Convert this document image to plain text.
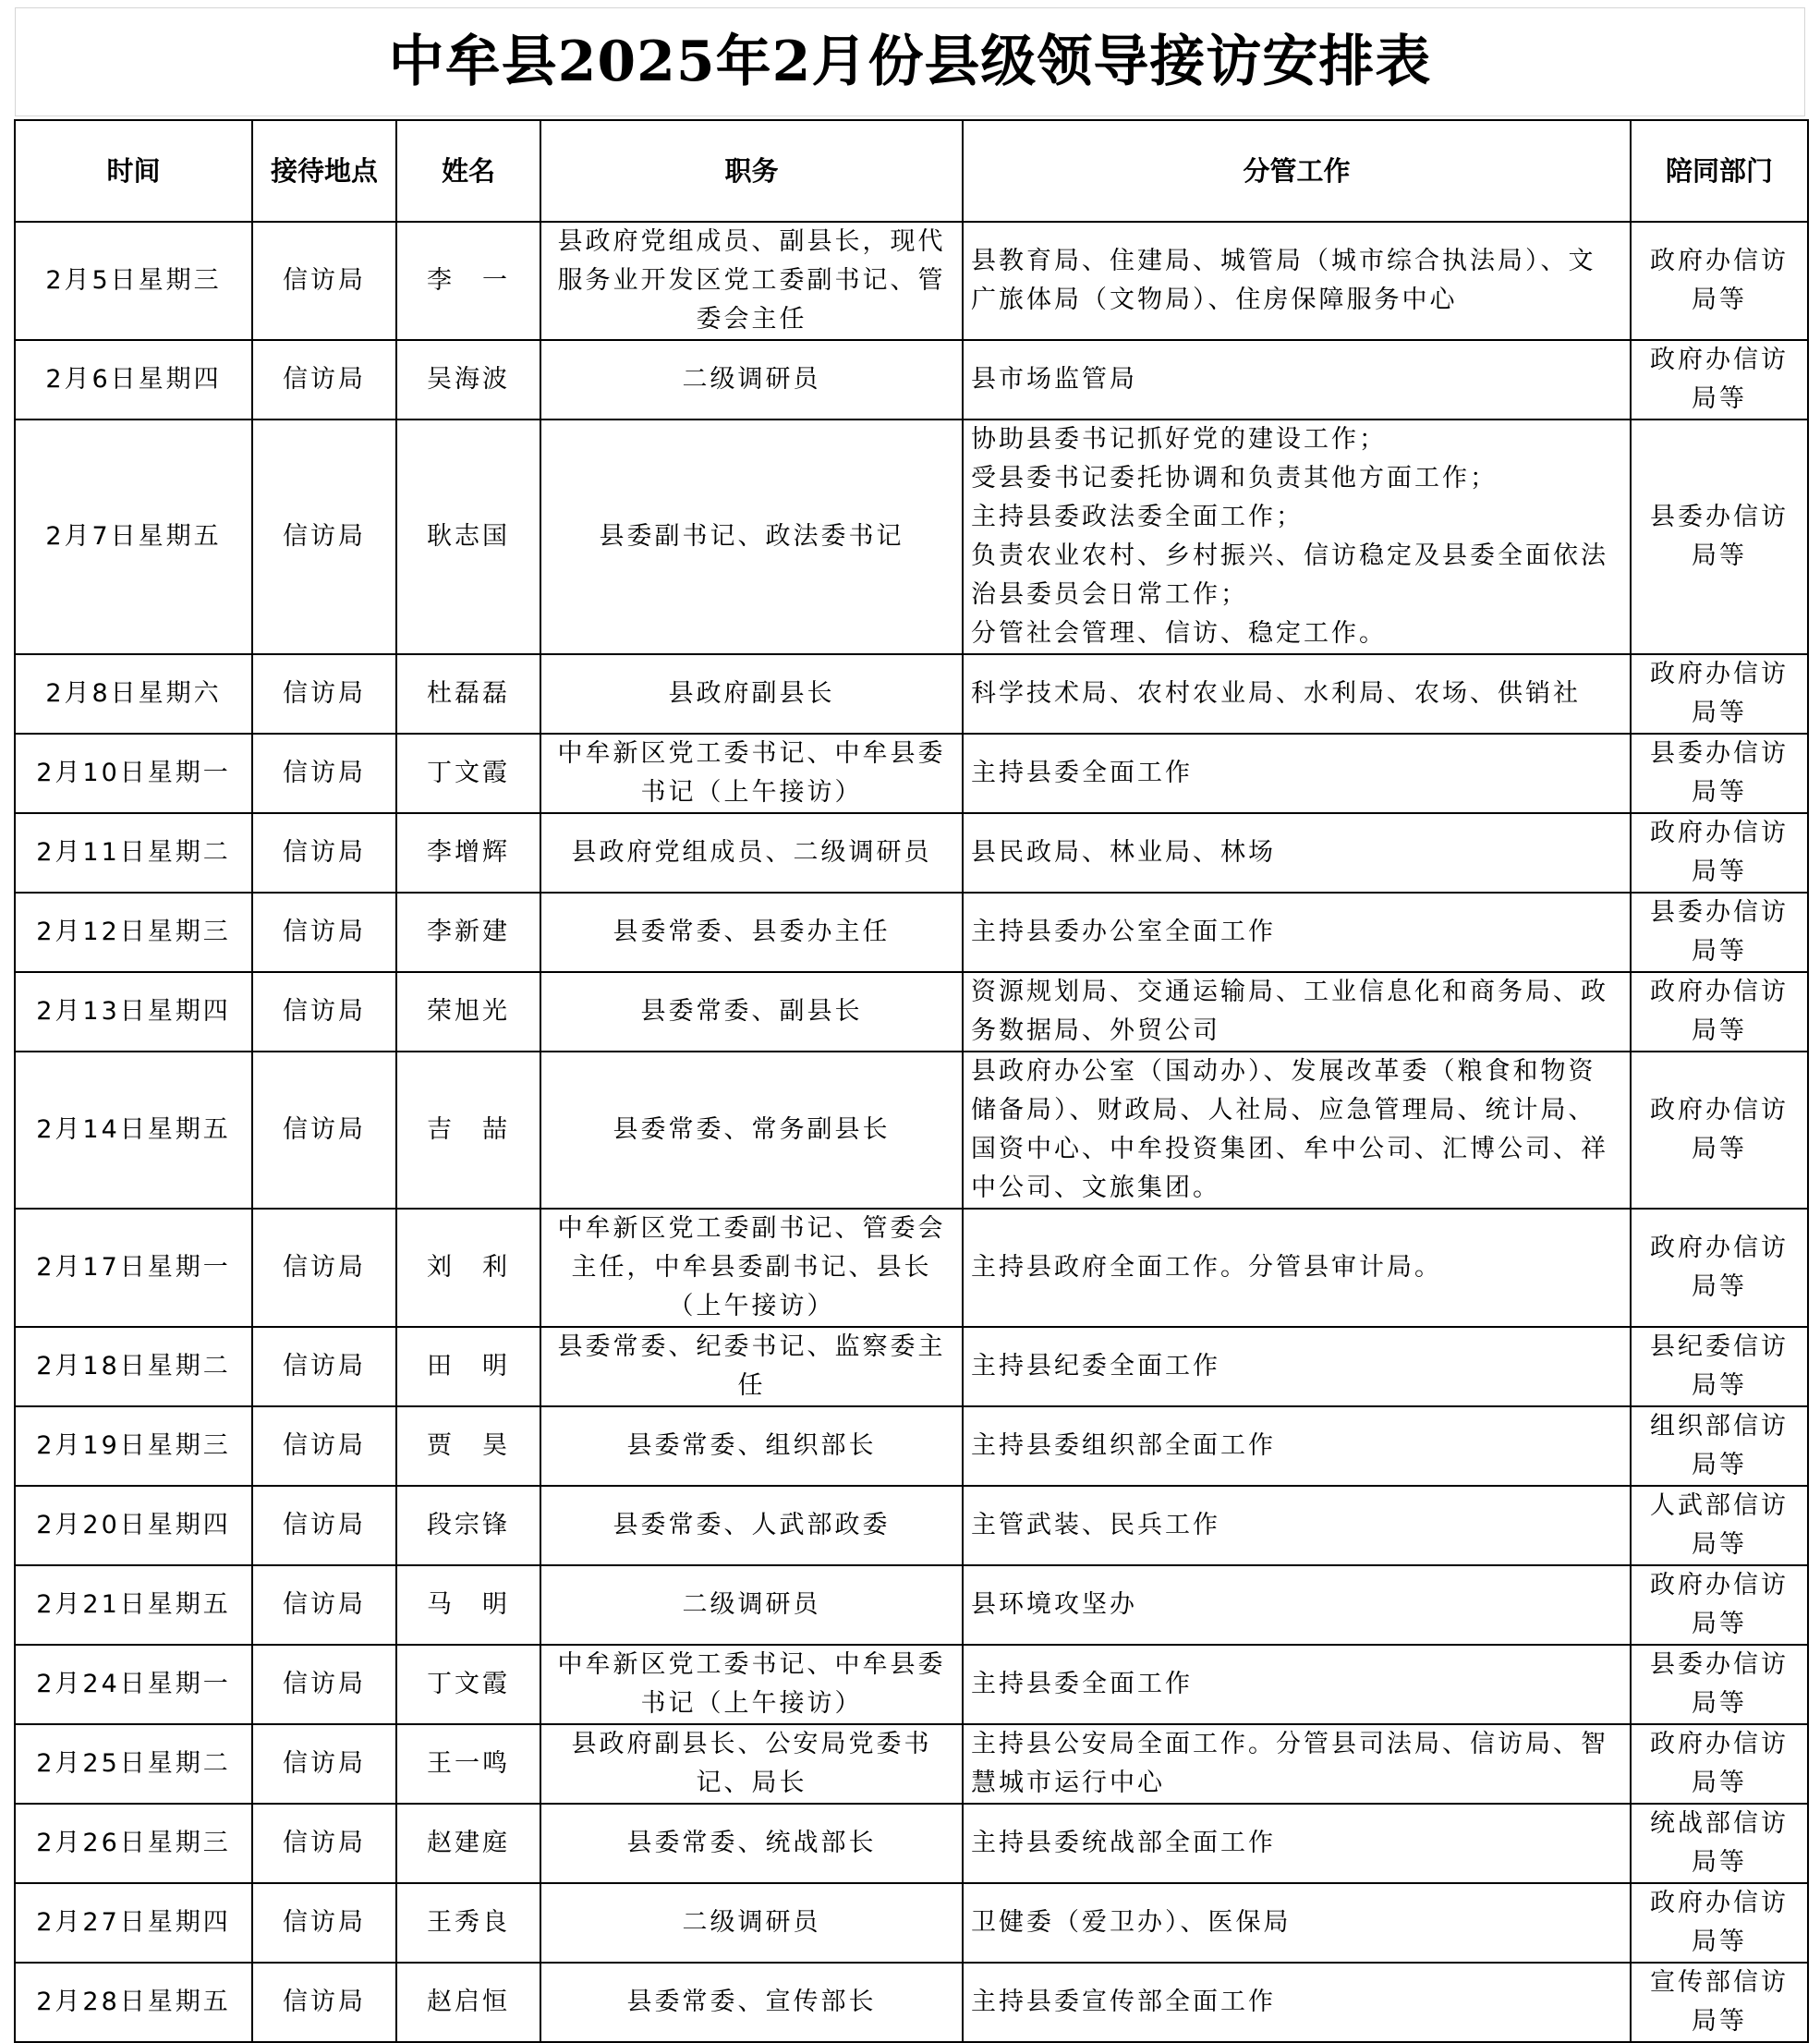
中牟县2025年2月份县级领导接访安排表
时间	接待地点	姓名	职务	分管工作	陪同部门

2月5日星期三	信访局	李　一	县政府党组成员、副县长，现代服务业开发区党工委副书记、管委会主任	县教育局、住建局、城管局（城市综合执法局）、文广旅体局（文物局）、住房保障服务中心	政府办信访局等

2月6日星期四	信访局	吴海波	二级调研员	县市场监管局	政府办信访局等

2月7日星期五	信访局	耿志国	县委副书记、政法委书记	协助县委书记抓好党的建设工作；
受县委书记委托协调和负责其他方面工作；
主持县委政法委全面工作；
负责农业农村、乡村振兴、信访稳定及县委全面依法治县委员会日常工作；
分管社会管理、信访、稳定工作。	县委办信访局等

2月8日星期六	信访局	杜磊磊	县政府副县长	科学技术局、农村农业局、水利局、农场、供销社	政府办信访局等

2月10日星期一	信访局	丁文霞	中牟新区党工委书记、中牟县委书记（上午接访）	主持县委全面工作	县委办信访局等

2月11日星期二	信访局	李增辉	县政府党组成员、二级调研员	县民政局、林业局、林场	政府办信访局等

2月12日星期三	信访局	李新建	县委常委、县委办主任	主持县委办公室全面工作	县委办信访局等

2月13日星期四	信访局	荣旭光	县委常委、副县长	资源规划局、交通运输局、工业信息化和商务局、政务数据局、外贸公司	政府办信访局等

2月14日星期五	信访局	吉　喆	县委常委、常务副县长	县政府办公室（国动办）、发展改革委（粮食和物资储备局）、财政局、人社局、应急管理局、统计局、国资中心、中牟投资集团、牟中公司、汇博公司、祥中公司、文旅集团。	政府办信访局等

2月17日星期一	信访局	刘　利	中牟新区党工委副书记、管委会主任，中牟县委副书记、县长（上午接访）	主持县政府全面工作。分管县审计局。	政府办信访局等

2月18日星期二	信访局	田　明	县委常委、纪委书记、监察委主任	主持县纪委全面工作	县纪委信访局等

2月19日星期三	信访局	贾　昊	县委常委、组织部长	主持县委组织部全面工作	组织部信访局等

2月20日星期四	信访局	段宗锋	县委常委、人武部政委	主管武装、民兵工作	人武部信访局等

2月21日星期五	信访局	马　明	二级调研员	县环境攻坚办	政府办信访局等

2月24日星期一	信访局	丁文霞	中牟新区党工委书记、中牟县委书记（上午接访）	主持县委全面工作	县委办信访局等

2月25日星期二	信访局	王一鸣	县政府副县长、公安局党委书记、局长	主持县公安局全面工作。分管县司法局、信访局、智慧城市运行中心	政府办信访局等

2月26日星期三	信访局	赵建庭	县委常委、统战部长	主持县委统战部全面工作	统战部信访局等

2月27日星期四	信访局	王秀良	二级调研员	卫健委（爱卫办）、医保局	政府办信访局等

2月28日星期五	信访局	赵启恒	县委常委、宣传部长	主持县委宣传部全面工作	宣传部信访局等
